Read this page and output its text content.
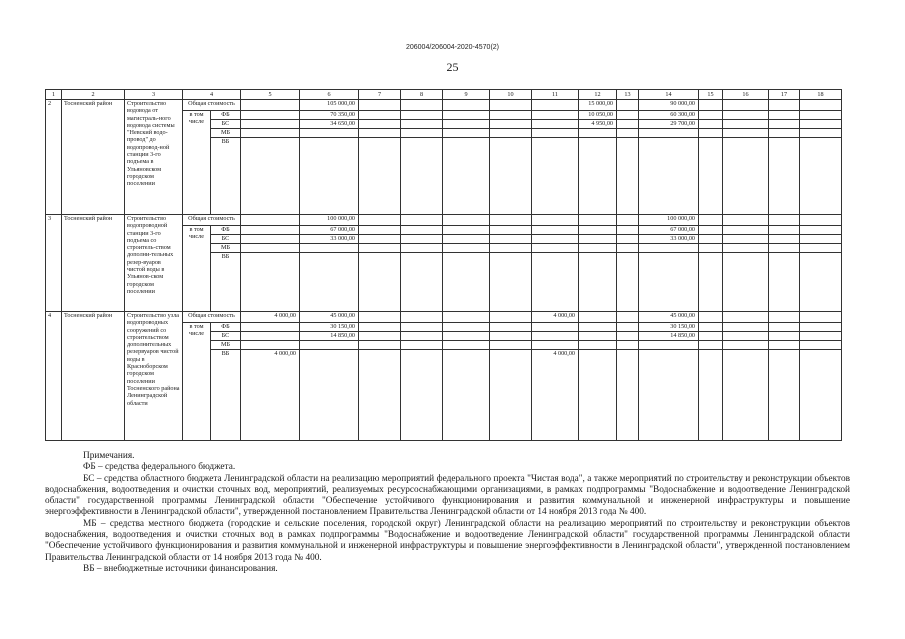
206004/206004-2020-4570(2)
25
1	2	3	4		5	6	7	8	9	10	11	12	13	14	15	16	17	18
2	Тосненский район	Строительство водовода от магистраль-ного водовода системы "Невский водо-провод" до водопровод-ной станции 3-го подъема в Ульяновском городском поселении	Общая стоимость			105 000,00						15 000,00		90 000,00				
			в том числе	ФБ		70 350,00						10 050,00		60 300,00				
				БС		34 650,00						4 950,00		29 700,00				
				МБ														
				ВБ														
3	Тосненский район	Строительство водопроводной станции 3-го подъема со строитель-ством дополни-тельных резер-вуаров чистой воды в Ульянов-ском городском поселении	Общая стоимость			100 000,00								100 000,00				
			в том числе	ФБ		67 000,00								67 000,00				
				БС		33 000,00								33 000,00				
				МБ														
				ВБ														
4	Тосненский район	Строительство узла водопроводных сооружений со строительством дополнительных резервуаров чистой воды в Красноборском городском поселении Тосненского района Ленинградской области	Общая стоимость		4 000,00	45 000,00					4 000,00			45 000,00				
			в том числе	ФБ		30 150,00								30 150,00				
				БС		14 850,00								14 850,00				
				МБ														
				ВБ	4 000,00						4 000,00							

Примечания.

ФБ – средства федерального бюджета.

БС – средства областного бюджета Ленинградской области на реализацию мероприятий федерального проекта "Чистая вода", а также мероприятий по строительству и реконструкции объектов водоснабжения, водоотведения и очистки сточных вод, мероприятий, реализуемых ресурсоснабжающими организациями, в рамках подпрограммы "Водоснабжение и водоотведение Ленинградской области" государственной программы Ленинградской области "Обеспечение устойчивого функционирования и развития коммунальной и инженерной инфраструктуры и повышение энергоэффективности в Ленинградской области", утвержденной постановлением Правительства Ленинградской области от 14 ноября 2013 года № 400.

МБ – средства местного бюджета (городские и сельские поселения, городской округ) Ленинградской области на реализацию мероприятий по строительству и реконструкции объектов водоснабжения, водоотведения и очистки сточных вод в рамках подпрограммы "Водоснабжение и водоотведение Ленинградской области" государственной программы Ленинградской области "Обеспечение устойчивого функционирования и развития коммунальной и инженерной инфраструктуры и повышение энергоэффективности в Ленинградской области", утвержденной постановлением Правительства Ленинградской области от 14 ноября 2013 года № 400.

ВБ – внебюджетные источники финансирования.
